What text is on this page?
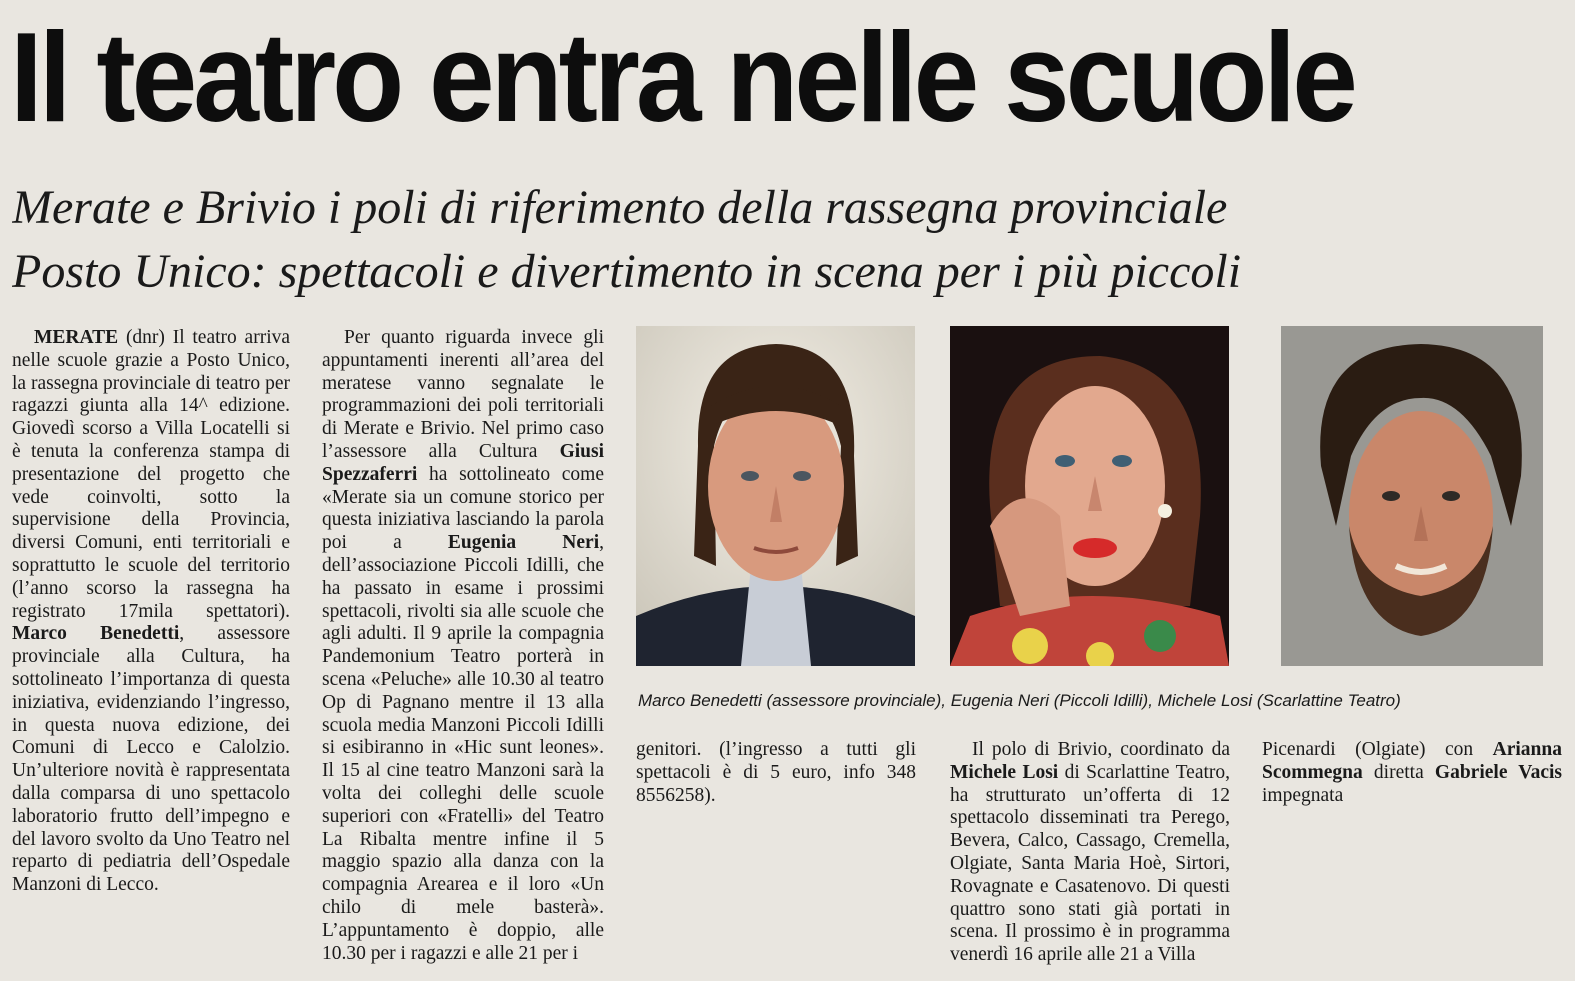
Il teatro entra nelle scuole
Merate e Brivio i poli di riferimento della rassegna provinciale
Posto Unico: spettacoli e divertimento in scena per i più piccoli

MERATE (dnr) Il teatro arriva nelle scuole grazie a Posto Unico, la rassegna provinciale di teatro per ragazzi giunta alla 14^ edizione. Giovedì scorso a Villa Locatelli si è tenuta la conferenza stampa di presentazione del progetto che vede coinvolti, sotto la supervisione della Provincia, diversi Comuni, enti territoriali e soprattutto le scuole del territorio (l’anno scorso la rassegna ha registrato 17mila spettatori). Marco Benedetti, assessore provinciale alla Cultura, ha sottolineato l’importanza di questa iniziativa, evidenziando l’ingresso, in questa nuova edizione, dei Comuni di Lecco e Calolzio. Un’ulteriore novità è rappresentata dalla comparsa di uno spettacolo laboratorio frutto dell’impegno e del lavoro svolto da Uno Teatro nel reparto di pediatria dell’Ospedale Manzoni di Lecco.

Per quanto riguarda invece gli appuntamenti inerenti all’area del meratese vanno segnalate le programmazioni dei poli territoriali di Merate e Brivio. Nel primo caso l’assessore alla Cultura Giusi Spezzaferri ha sottolineato come «Merate sia un comune storico per questa iniziativa lasciando la parola poi a Eugenia Neri, dell’associazione Piccoli Idilli, che ha passato in esame i prossimi spettacoli, rivolti sia alle scuole che agli adulti. Il 9 aprile la compagnia Pandemonium Teatro porterà in scena «Peluche» alle 10.30 al teatro Op di Pagnano mentre il 13 alla scuola media Manzoni Piccoli Idilli si esibiranno in «Hic sunt leones». Il 15 al cine teatro Manzoni sarà la volta dei colleghi delle scuole superiori con «Fratelli» del Teatro La Ribalta mentre infine il 5 maggio spazio alla danza con la compagnia Arearea e il loro «Un chilo di mele basterà». L’appuntamento è doppio, alle 10.30 per i ragazzi e alle 21 per i

Marco Benedetti (assessore provinciale), Eugenia Neri (Piccoli Idilli), Michele Losi (Scarlattine Teatro)

genitori. (l’ingresso a tutti gli spettacoli è di 5 euro, info 348 8556258).

Il polo di Brivio, coordinato da Michele Losi di Scarlattine Teatro, ha strutturato un’offerta di 12 spettacolo disseminati tra Perego, Bevera, Calco, Cassago, Cremella, Olgiate, Santa Maria Hoè, Sirtori, Rovagnate e Casatenovo. Di questi quattro sono stati già portati in scena. Il prossimo è in programma venerdì 16 aprile alle 21 a Villa

Picenardi (Olgiate) con Arianna Scommegna diretta Gabriele Vacis impegnata
